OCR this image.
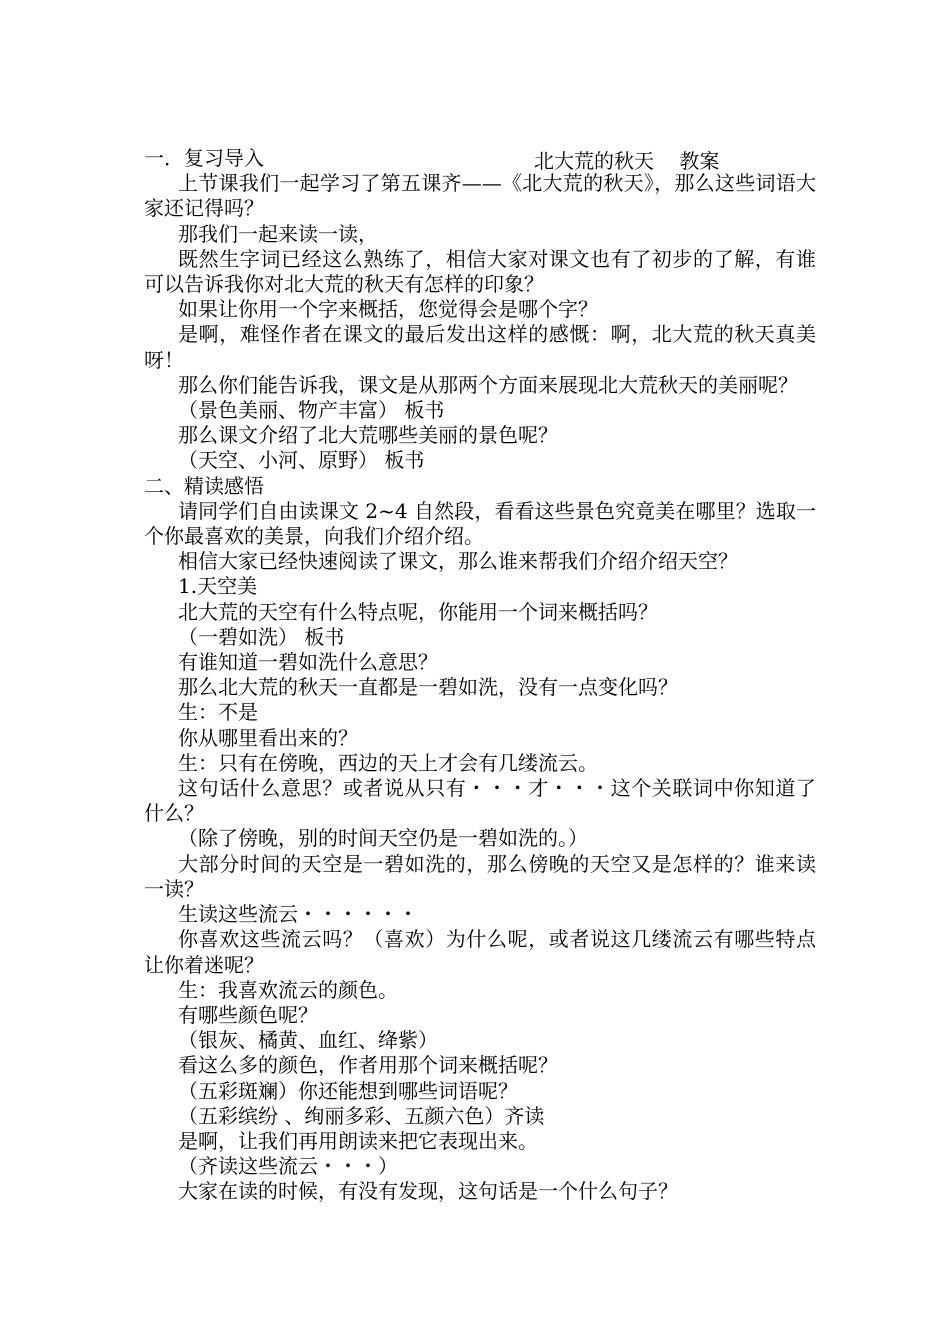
北大荒的秋天    教案

一．复习导入

上节课我们一起学习了第五课齐——《北大荒的秋天》，那么这些词语大家还记得吗？

那我们一起来读一读，

既然生字词已经这么熟练了，相信大家对课文也有了初步的了解，有谁可以告诉我你对北大荒的秋天有怎样的印象？

如果让你用一个字来概括，您觉得会是哪个字？

是啊，难怪作者在课文的最后发出这样的感慨：啊，北大荒的秋天真美呀！

那么你们能告诉我，课文是从那两个方面来展现北大荒秋天的美丽呢？

（景色美丽、物产丰富） 板书

那么课文介绍了北大荒哪些美丽的景色呢？

（天空、小河、原野） 板书

二、精读感悟

请同学们自由读课文 2~4 自然段，看看这些景色究竟美在哪里？选取一个你最喜欢的美景，向我们介绍介绍。

相信大家已经快速阅读了课文，那么谁来帮我们介绍介绍天空？

1.天空美

北大荒的天空有什么特点呢，你能用一个词来概括吗？

（一碧如洗） 板书

有谁知道一碧如洗什么意思？

那么北大荒的秋天一直都是一碧如洗，没有一点变化吗？

生：不是

你从哪里看出来的？

生：只有在傍晚，西边的天上才会有几缕流云。

这句话什么意思？或者说从只有・・・才・・・这个关联词中你知道了什么？

（除了傍晚，别的时间天空仍是一碧如洗的。）

大部分时间的天空是一碧如洗的，那么傍晚的天空又是怎样的？谁来读一读？

生读这些流云・・・・・・

你喜欢这些流云吗？（喜欢）为什么呢，或者说这几缕流云有哪些特点让你着迷呢？

生：我喜欢流云的颜色。

有哪些颜色呢？

（银灰、橘黄、血红、绛紫）

看这么多的颜色，作者用那个词来概括呢？

（五彩斑斓）你还能想到哪些词语呢？

（五彩缤纷 、绚丽多彩、五颜六色）齐读

是啊，让我们再用朗读来把它表现出来。

（齐读这些流云・・・）

大家在读的时候，有没有发现，这句话是一个什么句子？
